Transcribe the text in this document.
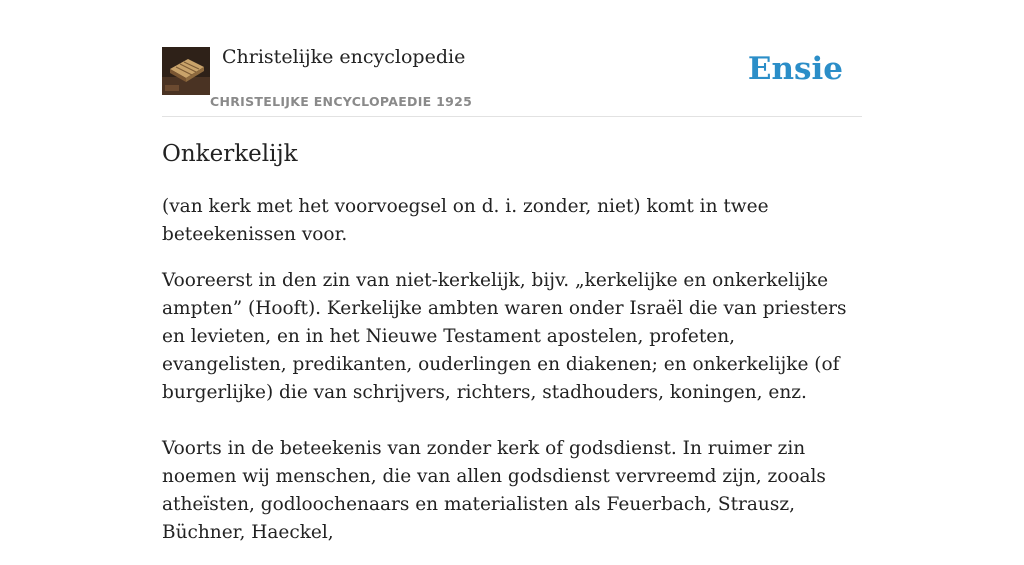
Christelijke encyclopedie
CHRISTELIJKE ENCYCLOPAEDIE 1925
Ensie
Onkerkelijk

(van kerk met het voorvoegsel on d. i. zonder, niet) komt in twee beteekenissen voor.

Vooreerst in den zin van niet-kerkelijk, bijv. „kerkelijke en onkerkelijke ampten” (Hooft). Kerkelijke ambten waren onder Israël die van priesters en levieten, en in het Nieuwe Testament apostelen, profeten, evangelisten, predikanten, ouderlingen en diakenen; en onkerkelijke (of burgerlijke) die van schrijvers, richters, stadhouders, koningen, enz.

Voorts in de beteekenis van zonder kerk of godsdienst. In ruimer zin noemen wij menschen, die van allen godsdienst vervreemd zijn, zooals atheïsten, godloochenaars en materialisten als Feuerbach, Strausz, Büchner, Haeckel,
